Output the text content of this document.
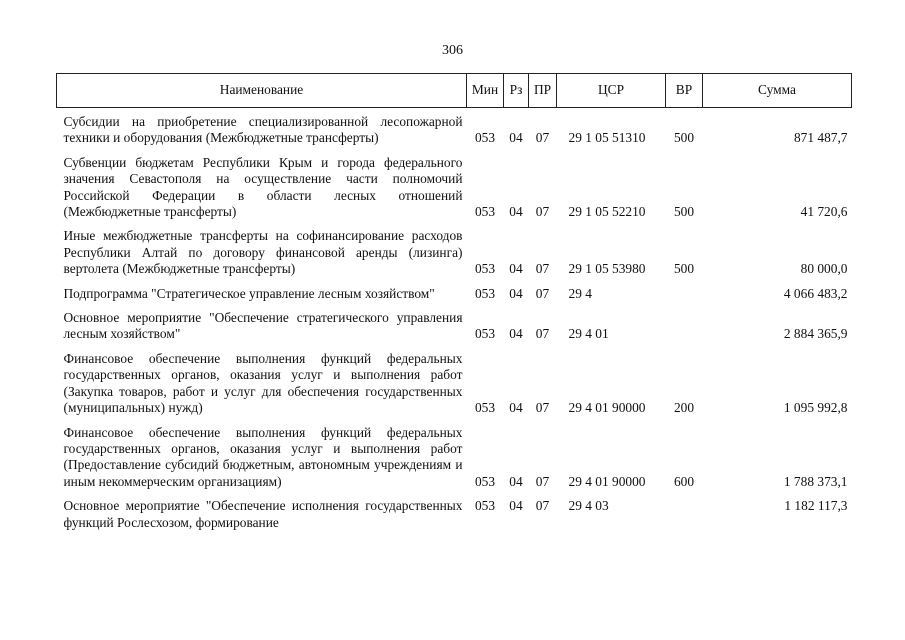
306
Наименование	Мин	Рз	ПР	ЦСР	ВР	Сумма

Субсидии на приобретение специализированной лесопожарной техники и оборудования (Межбюджетные трансферты)	053	04	07	29 1 05 51310	500	871 487,7

Субвенции бюджетам Республики Крым и города федерального значения Севастополя на осуществление части полномочий Российской Федерации в области лесных отношений (Межбюджетные трансферты)	053	04	07	29 1 05 52210	500	41 720,6

Иные межбюджетные трансферты на софинансирование расходов Республики Алтай по договору финансовой аренды (лизинга) вертолета (Межбюджетные трансферты)	053	04	07	29 1 05 53980	500	80 000,0

Подпрограмма "Стратегическое управление лесным хозяйством"	053	04	07	29 4		4 066 483,2

Основное мероприятие "Обеспечение стратегического управления лесным хозяйством"	053	04	07	29 4 01		2 884 365,9

Финансовое обеспечение выполнения функций федеральных государственных органов, оказания услуг и выполнения работ (Закупка товаров, работ и услуг для обеспечения государственных (муниципальных) нужд)	053	04	07	29 4 01 90000	200	1 095 992,8

Финансовое обеспечение выполнения функций федеральных государственных органов, оказания услуг и выполнения работ (Предоставление субсидий бюджетным, автономным учреждениям и иным некоммерческим организациям)	053	04	07	29 4 01 90000	600	1 788 373,1

Основное мероприятие "Обеспечение исполнения государственных функций Рослесхозом, формирование	053	04	07	29 4 03		1 182 117,3
